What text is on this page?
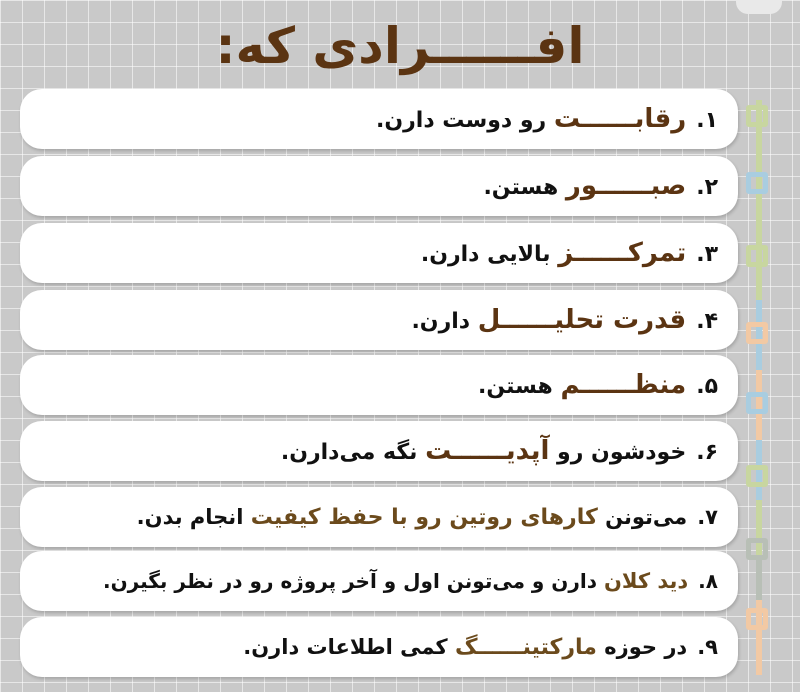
افــــــرادی که:
۱.رقابــــــت رو دوست دارن.
۲.صبــــــور هستن.
۳.تمرکــــــز بالایی دارن.
۴.قدرت تحلیــــــل دارن.
۵.منظــــــم هستن.
۶.خودشون رو آپدیــــــت نگه می‌دارن.
۷.می‌تونن کارهای روتین رو با حفظ کیفیت انجام بدن.
۸.دید کلان دارن و می‌تونن اول و آخر پروژه رو در نظر بگیرن.
۹.در حوزه مارکتینــــــگ کمی اطلاعات دارن.
